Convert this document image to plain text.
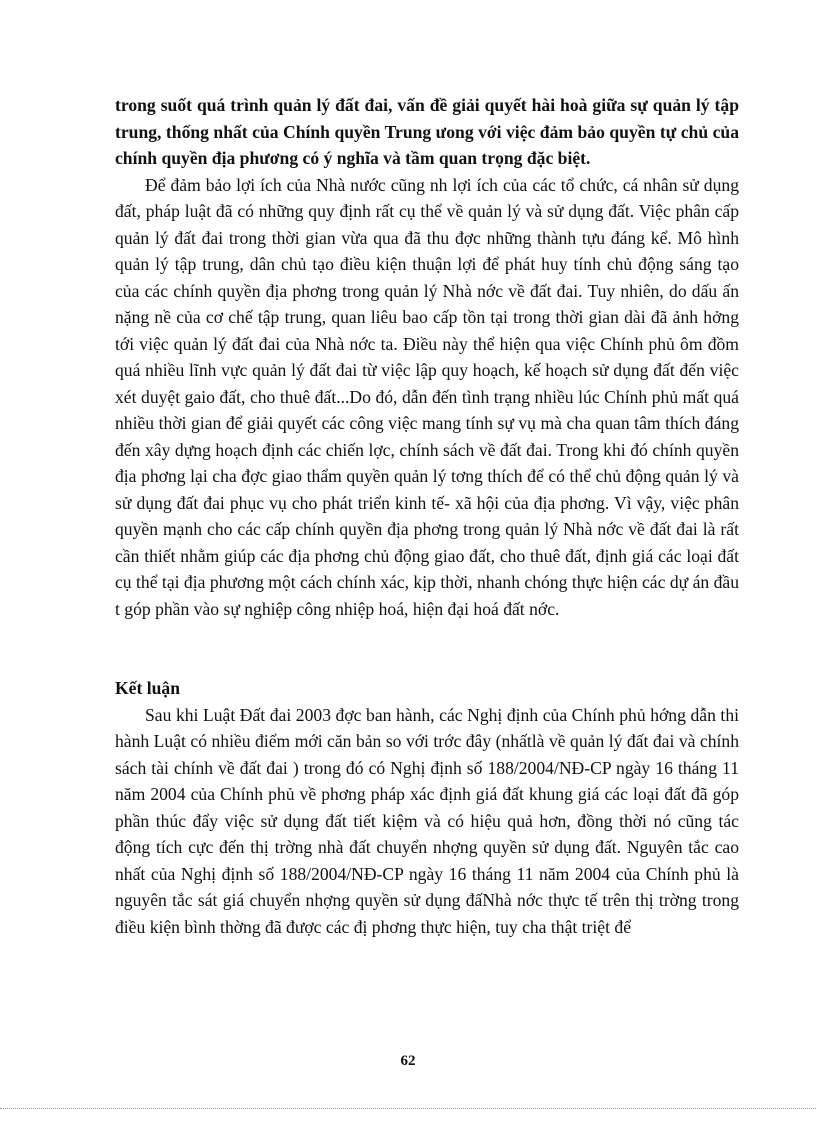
trong suốt quá trình quản lý đất đai, vấn đề giải quyết hài hoà giữa sự quản lý tập trung, thống nhất của Chính quyền Trung ưong với việc đảm bảo quyền tự chủ của chính quyền địa phương có ý nghĩa và tầm quan trọng đặc biệt.

Để đảm bảo lợi ích của Nhà nước cũng nh lợi ích của các tổ chức, cá nhân sử dụng đất, pháp luật đã có những quy định rất cụ thể về quản lý và sử dụng đất. Việc phân cấp quản lý đất đai trong thời gian vừa qua đã thu đợc những thành tựu đáng kể. Mô hình quản lý tập trung, dân chủ tạo điều kiện thuận lợi để phát huy tính chủ động sáng tạo của các chính quyền địa phơng trong quản lý Nhà nớc về đất đai. Tuy nhiên, do dấu ấn nặng nề của cơ chế tập trung, quan liêu bao cấp tồn tại trong thời gian dài đã ảnh hởng tới việc quản lý đất đai của Nhà nớc ta. Điều này thể hiện qua việc Chính phủ ôm đồm quá nhiều lĩnh vực quản lý đất đai từ việc lập quy hoạch, kế hoạch sử dụng đất đến việc xét duyệt gaio đất, cho thuê đất...Do đó, dẫn đến tình trạng nhiều lúc Chính phủ mất quá nhiều thời gian để giải quyết các công việc mang tính sự vụ mà cha quan tâm thích đáng đến xây dựng hoạch định các chiến lợc, chính sách về đất đai. Trong khi đó chính quyền địa phơng lại cha đợc giao thẩm quyền quản lý tơng thích để có thể chủ động quản lý và sử dụng đất đai phục vụ cho phát triển kinh tế- xã hội của địa phơng. Vì vậy, việc phân quyền mạnh cho các cấp chính quyền địa phơng trong quản lý Nhà nớc về đất đai là rất cần thiết nhằm giúp các địa phơng chủ động giao đất, cho thuê đất, định giá các loại đất cụ thể tại địa phương một cách chính xác, kịp thời, nhanh chóng thực hiện các dự án đầu t góp phần vào sự nghiệp công nhiệp hoá, hiện đại hoá đất nớc.

Kết luận

Sau khi Luật Đất đai 2003 đợc ban hành, các Nghị định của Chính phủ hớng dẫn thi hành Luật có nhiều điểm mới căn bản so với trớc đây (nhấtlà về quản lý đất đai và chính sách tài chính về đất đai ) trong đó có Nghị định số 188/2004/NĐ-CP ngày 16 tháng 11 năm 2004 của Chính phủ về phơng pháp xác định giá đất khung giá các loại đất đã góp phần thúc đẩy việc sử dụng đất tiết kiệm và có hiệu quả hơn, đồng thời nó cũng tác động tích cực đến thị trờng nhà đất chuyển nhợng quyền sử dụng đất. Nguyên tắc cao nhất của Nghị định số 188/2004/NĐ-CP ngày 16 tháng 11 năm 2004 của Chính phủ là nguyên tắc sát giá chuyển nhợng quyền sử dụng đấNhà nớc thực tế trên thị trờng trong điều kiện bình thờng đã được các đị phơng thực hiện, tuy cha thật triệt để

62
